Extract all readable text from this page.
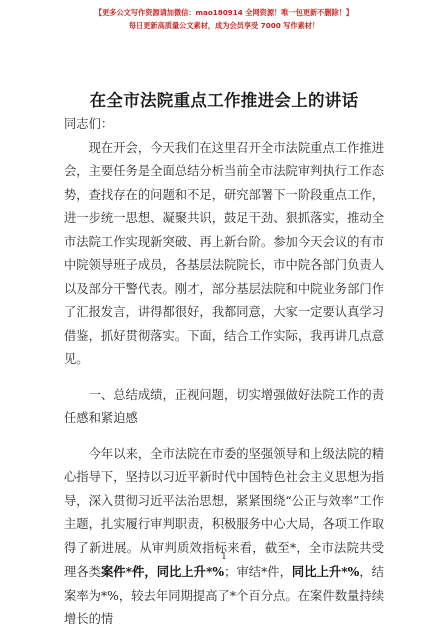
【更多公文写作资源请加微信：mao180914 全网资源！唯一包更新不删除！】
每日更新高质量公文素材，成为会员享受 7000 写作素材！
在全市法院重点工作推进会上的讲话

同志们：

现在开会，今天我们在这里召开全市法院重点工作推进会，主要任务是全面总结分析当前全市法院审判执行工作态势，查找存在的问题和不足，研究部署下一阶段重点工作，进一步统一思想、凝聚共识，鼓足干劲、狠抓落实，推动全市法院工作实现新突破、再上新台阶。参加今天会议的有市中院领导班子成员，各基层法院院长，市中院各部门负责人以及部分干警代表。刚才，部分基层法院和中院业务部门作了汇报发言，讲得都很好，我都同意，大家一定要认真学习借鉴，抓好贯彻落实。下面，结合工作实际，我再讲几点意见。

一、总结成绩，正视问题，切实增强做好法院工作的责任感和紧迫感

今年以来，全市法院在市委的坚强领导和上级法院的精心指导下，坚持以习近平新时代中国特色社会主义思想为指导，深入贯彻习近平法治思想，紧紧围绕“公正与效率”工作主题，扎实履行审判职责，积极服务中心大局，各项工作取得了新进展。从审判质效指标来看，截至*，全市法院共受理各类案件*件，同比上升*%；审结*件，同比上升*%，结案率为*%，较去年同期提高了*个百分点。在案件数量持续增长的情

1
